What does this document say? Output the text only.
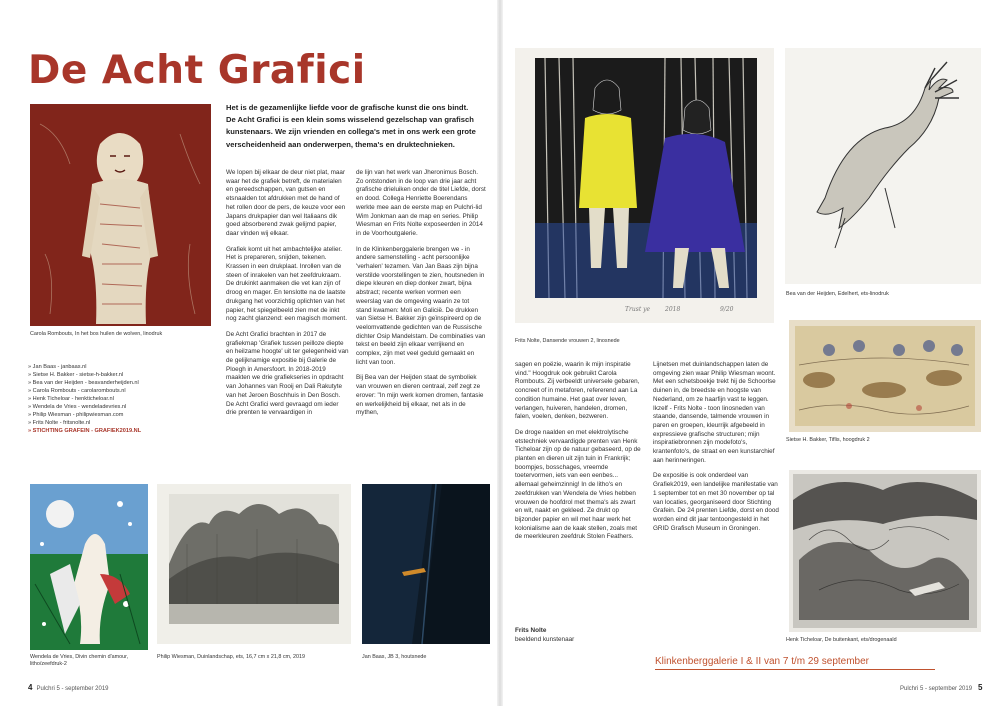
De Acht Grafici

Het is de gezamenlijke liefde voor de grafische kunst die ons bindt.

De Acht Grafici is een klein soms wisselend gezelschap van grafisch kunstenaars. We zijn vrienden en collega's met in ons werk een grote verscheidenheid aan onderwerpen, thema's en druktechnieken.

Carola Rombouts, In het bos huilen de wolven, linodruk
» Jan Baas - janbaas.nl
» Sietse H. Bakker - sietse-h-bakker.nl
» Bea van der Heijden - beavanderheijden.nl
» Carola Rombouts - carolarombouts.nl
» Henk Ticheloar - henkticheloar.nl
» Wendela de Vries - wendeladevries.nl
» Philip Wiesman - philipwiesman.com
» Frits Nolte - fritsnolte.nl
» STICHTING GRAFEIN - GRAFIEK2019.NL

We lopen bij elkaar de deur niet plat, maar waar het de grafiek betreft, de materialen en gereedschappen, van gutsen en etsnaalden tot afdrukken met de hand of het rollen door de pers, de keuze voor een Japans drukpapier dan wel Italiaans dik goed absorberend zwak gelijmd papier, daar vinden wij elkaar.

Grafiek komt uit het ambachtelijke atelier. Het is prepareren, snijden, tekenen. Krassen in een drukplaat. Inrollen van de steen of inrakelen van het zeefdrukraam. De drukinkt aanmaken die vet kan zijn of droog en mager. En tenslotte na de laatste drukgang het voorzichtig oplichten van het papier, het spiegelbeeld zien met de inkt nog zacht glanzend: een magisch moment.

De Acht Grafici brachten in 2017 de grafiekmap 'Grafiek tussen peilloze diepte en heilzame hoogte' uit ter gelegenheid van de gelijknamige expositie bij Galerie de Ploegh in Amersfoort. In 2018-2019 maakten we drie grafiekseries in opdracht van Johannes van Rooij en Dali Rakutyte van het Jeroen Boschhuis in Den Bosch. De Acht Grafici werd gevraagd om ieder drie prenten te vervaardigen in

de lijn van het werk van Jheronimus Bosch. Zo ontstonden in de loop van drie jaar acht grafische drieluiken onder de titel Liefde, dorst en dood. Collega Henriette Boerendans werkte mee aan de eerste map en Pulchri-lid Wim Jonkman aan de map en series. Philip Wiesman en Frits Nolte exposeerden in 2014 in de Voorhoutgalerie.

In de Klinkenberggalerie brengen we - in andere samenstelling - acht persoonlijke 'verhalen' tezamen. Van Jan Baas zijn bijna verstilde voorstellingen te zien, houtsneden in diepe kleuren en diep donker zwart, bijna abstract; recente werken vormen een weerslag van de omgeving waarin ze tot stand kwamen: Moli en Galicië. De drukken van Sietse H. Bakker zijn geïnspireerd op de veelomvattende gedichten van de Russische dichter Osip Mandelstam. De combinaties van tekst en beeld zijn elkaar verrijkend en complex, zijn met veel geduld gemaakt en licht van toon.

Bij Bea van der Heijden staat de symboliek van vrouwen en dieren centraal, zelf zegt ze erover: "In mijn werk komen dromen, fantasie en werkelijkheid bij elkaar, net als in de mythen,

Wendela de Vries, Divin chemin d'amour, litho/zeefdruk-2
Philip Wiesman, Duinlandschap, ets, 16,7 cm x 21,8 cm, 2019	Jan Baas, JB 3, houtsnede
4 Pulchri 5 - september 2019
Trust ye 2018	9/20
Frits Nolte, Dansende vrouwen 2, linosnede
Bea van der Heijden, Edelhert, ets-linodruk
Sietse H. Bakker, Tiflis, hoogdruk 2
Henk Ticheloar, De buitenkant, ets/drogenaald

sagen en poëzie, waarin ik mijn inspiratie vind." Hoogdruk ook gebruikt Carola Rombouts. Zij verbeeldt universele gebaren, concreet of in metaforen, refererend aan La condition humaine. Het gaat over leven, verlangen, huiveren, handelen, dromen, falen, voelen, denken, bezweren.

De droge naalden en met elektrolytische etstechniek vervaardigde prenten van Henk Ticheloar zijn op de natuur gebaseerd, op de planten en dieren uit zijn tuin in Frankrijk; boompjes, bosschages, vreemde toetervormen, iets van een eenbes... allemaal geheimzinnig! In de litho's en zeefdrukken van Wendela de Vries hebben vrouwen de hoofdrol met thema's als zwart en wit, naakt en gekleed. Ze drukt op bijzonder papier en wil met haar werk het kolonialisme aan de kaak stellen, zoals met de meerkleuren zeefdruk Stolen Feathers.

Lijnetsen met duinlandschappen laten de omgeving zien waar Philip Wiesman woont. Met een schetsboekje trekt hij de Schoorlse duinen in, de breedste en hoogste van Nederland, om ze haarfijn vast te leggen. Ikzelf - Frits Nolte - toon linosneden van staande, dansende, talmende vrouwen in paren en groepen, kleurrijk afgebeeld in expressieve grafische structuren; mijn inspiratiebronnen zijn modefoto's, krantenfoto's, de straat en een kunstarchief aan herinneringen.

De expositie is ook onderdeel van Grafiek2019, een landelijke manifestatie van 1 september tot en met 30 november op tal van locaties, georganiseerd door Stichting Grafein. De 24 prenten Liefde, dorst en dood worden eind dit jaar tentoongesteld in het GRID Grafisch Museum in Groningen.

Frits Nolte
beeldend kunstenaar
Klinkenberggalerie I & II van 7 t/m 29 september
Pulchri 5 - september 2019 5
